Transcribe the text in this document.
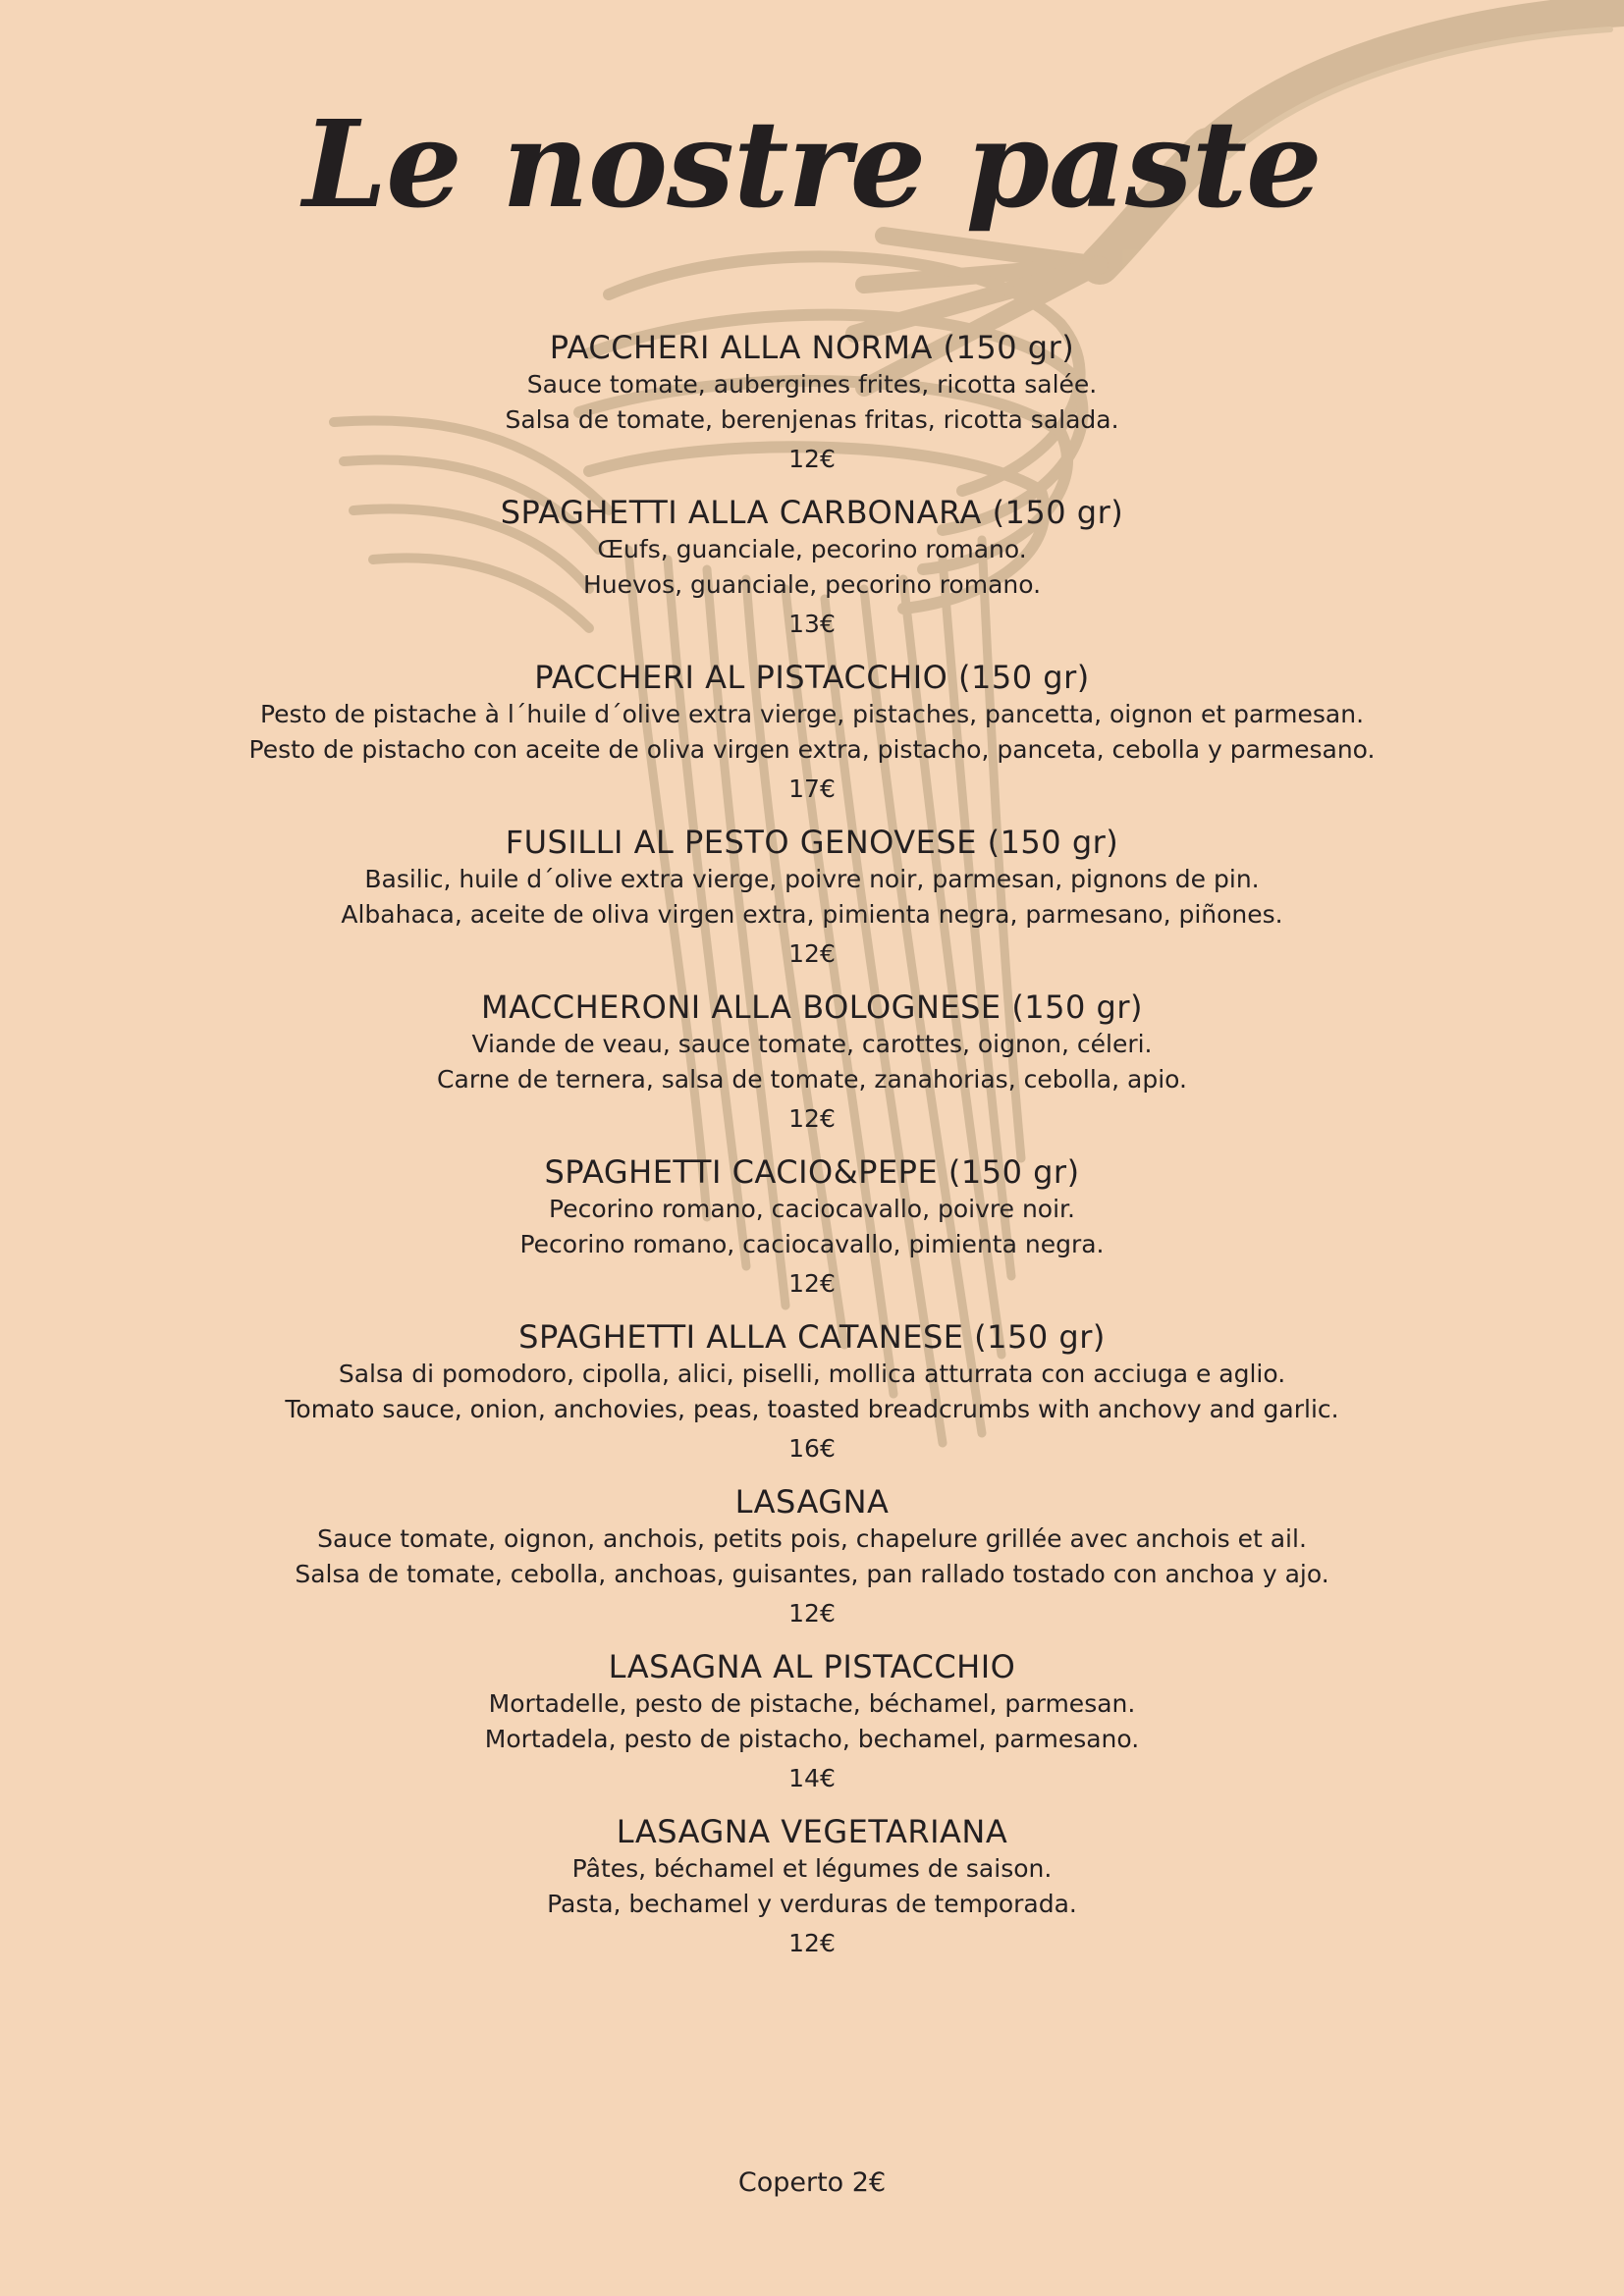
Le nostre paste
PACCHERI ALLA NORMA (150 gr)
Sauce tomate, aubergines frites, ricotta salée.
Salsa de tomate, berenjenas fritas, ricotta salada.
12€
SPAGHETTI ALLA CARBONARA (150 gr)
Œufs, guanciale, pecorino romano.
Huevos, guanciale, pecorino romano.
13€
PACCHERI AL PISTACCHIO (150 gr)
Pesto de pistache à l´huile d´olive extra vierge, pistaches, pancetta, oignon et parmesan.
Pesto de pistacho con aceite de oliva virgen extra, pistacho, panceta, cebolla y parmesano.
17€
FUSILLI AL PESTO GENOVESE (150 gr)
Basilic, huile d´olive extra vierge, poivre noir, parmesan, pignons de pin.
Albahaca, aceite de oliva virgen extra, pimienta negra, parmesano, piñones.
12€
MACCHERONI ALLA BOLOGNESE (150 gr)
Viande de veau, sauce tomate, carottes, oignon, céleri.
Carne de ternera, salsa de tomate, zanahorias, cebolla, apio.
12€
SPAGHETTI CACIO&PEPE (150 gr)
Pecorino romano, caciocavallo, poivre noir.
Pecorino romano, caciocavallo, pimienta negra.
12€
SPAGHETTI ALLA CATANESE (150 gr)
Salsa di pomodoro, cipolla, alici, piselli, mollica atturrata con acciuga e aglio.
Tomato sauce, onion, anchovies, peas, toasted breadcrumbs with anchovy and garlic.
16€
LASAGNA
Sauce tomate, oignon, anchois, petits pois, chapelure grillée avec anchois et ail.
Salsa de tomate, cebolla, anchoas, guisantes, pan rallado tostado con anchoa y ajo.
12€
LASAGNA AL PISTACCHIO
Mortadelle, pesto de pistache, béchamel, parmesan.
Mortadela, pesto de pistacho, bechamel, parmesano.
14€
LASAGNA VEGETARIANA
Pâtes, béchamel et légumes de saison.
Pasta, bechamel y verduras de temporada.
12€
Coperto 2€
